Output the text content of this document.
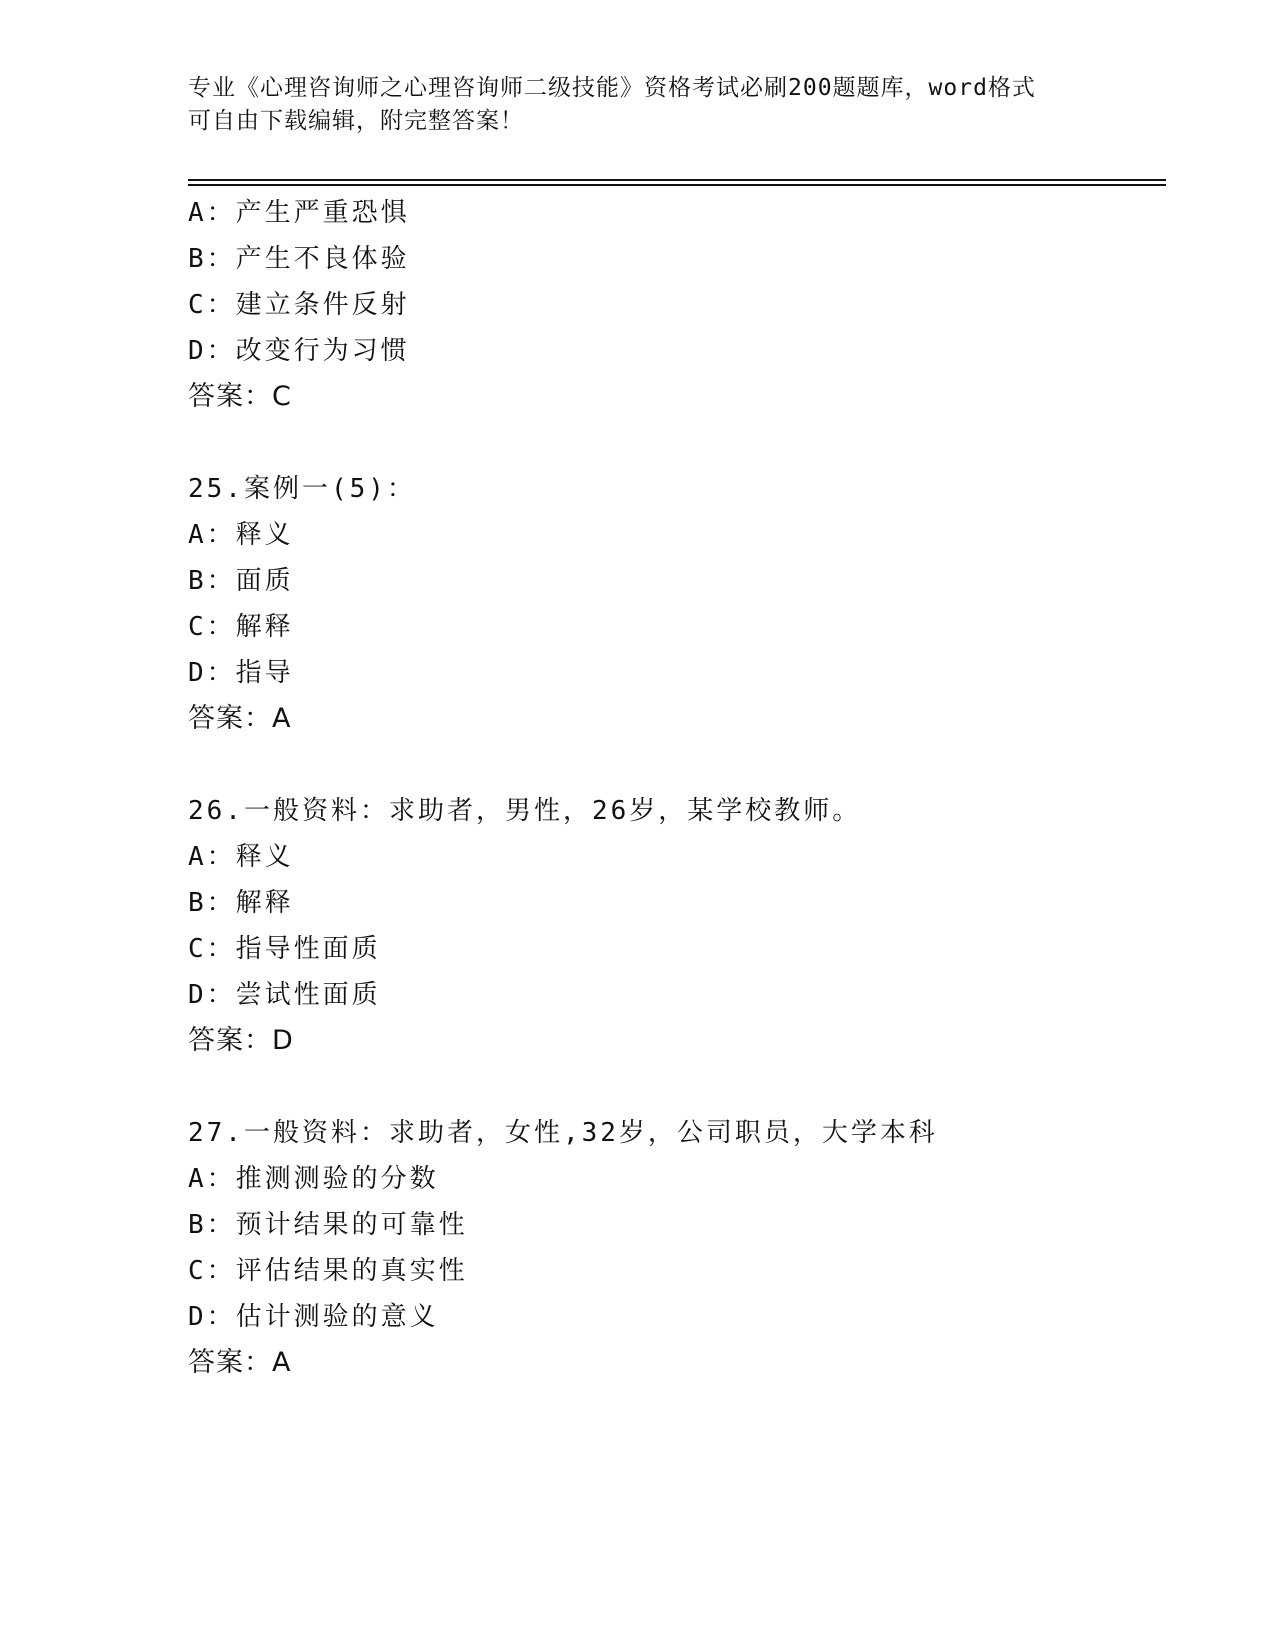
专业《心理咨询师之心理咨询师二级技能》资格考试必刷200题题库，word格式
可自由下载编辑，附完整答案！
A：产生严重恐惧
B：产生不良体验
C：建立条件反射
D：改变行为习惯
答案：C
25.案例一(5)：
A：释义
B：面质
C：解释
D：指导
答案：A
26.一般资料：求助者，男性，26岁，某学校教师。
A：释义
B：解释
C：指导性面质
D：尝试性面质
答案：D
27.一般资料：求助者，女性,32岁，公司职员，大学本科
A：推测测验的分数
B：预计结果的可靠性
C：评估结果的真实性
D：估计测验的意义
答案：A
